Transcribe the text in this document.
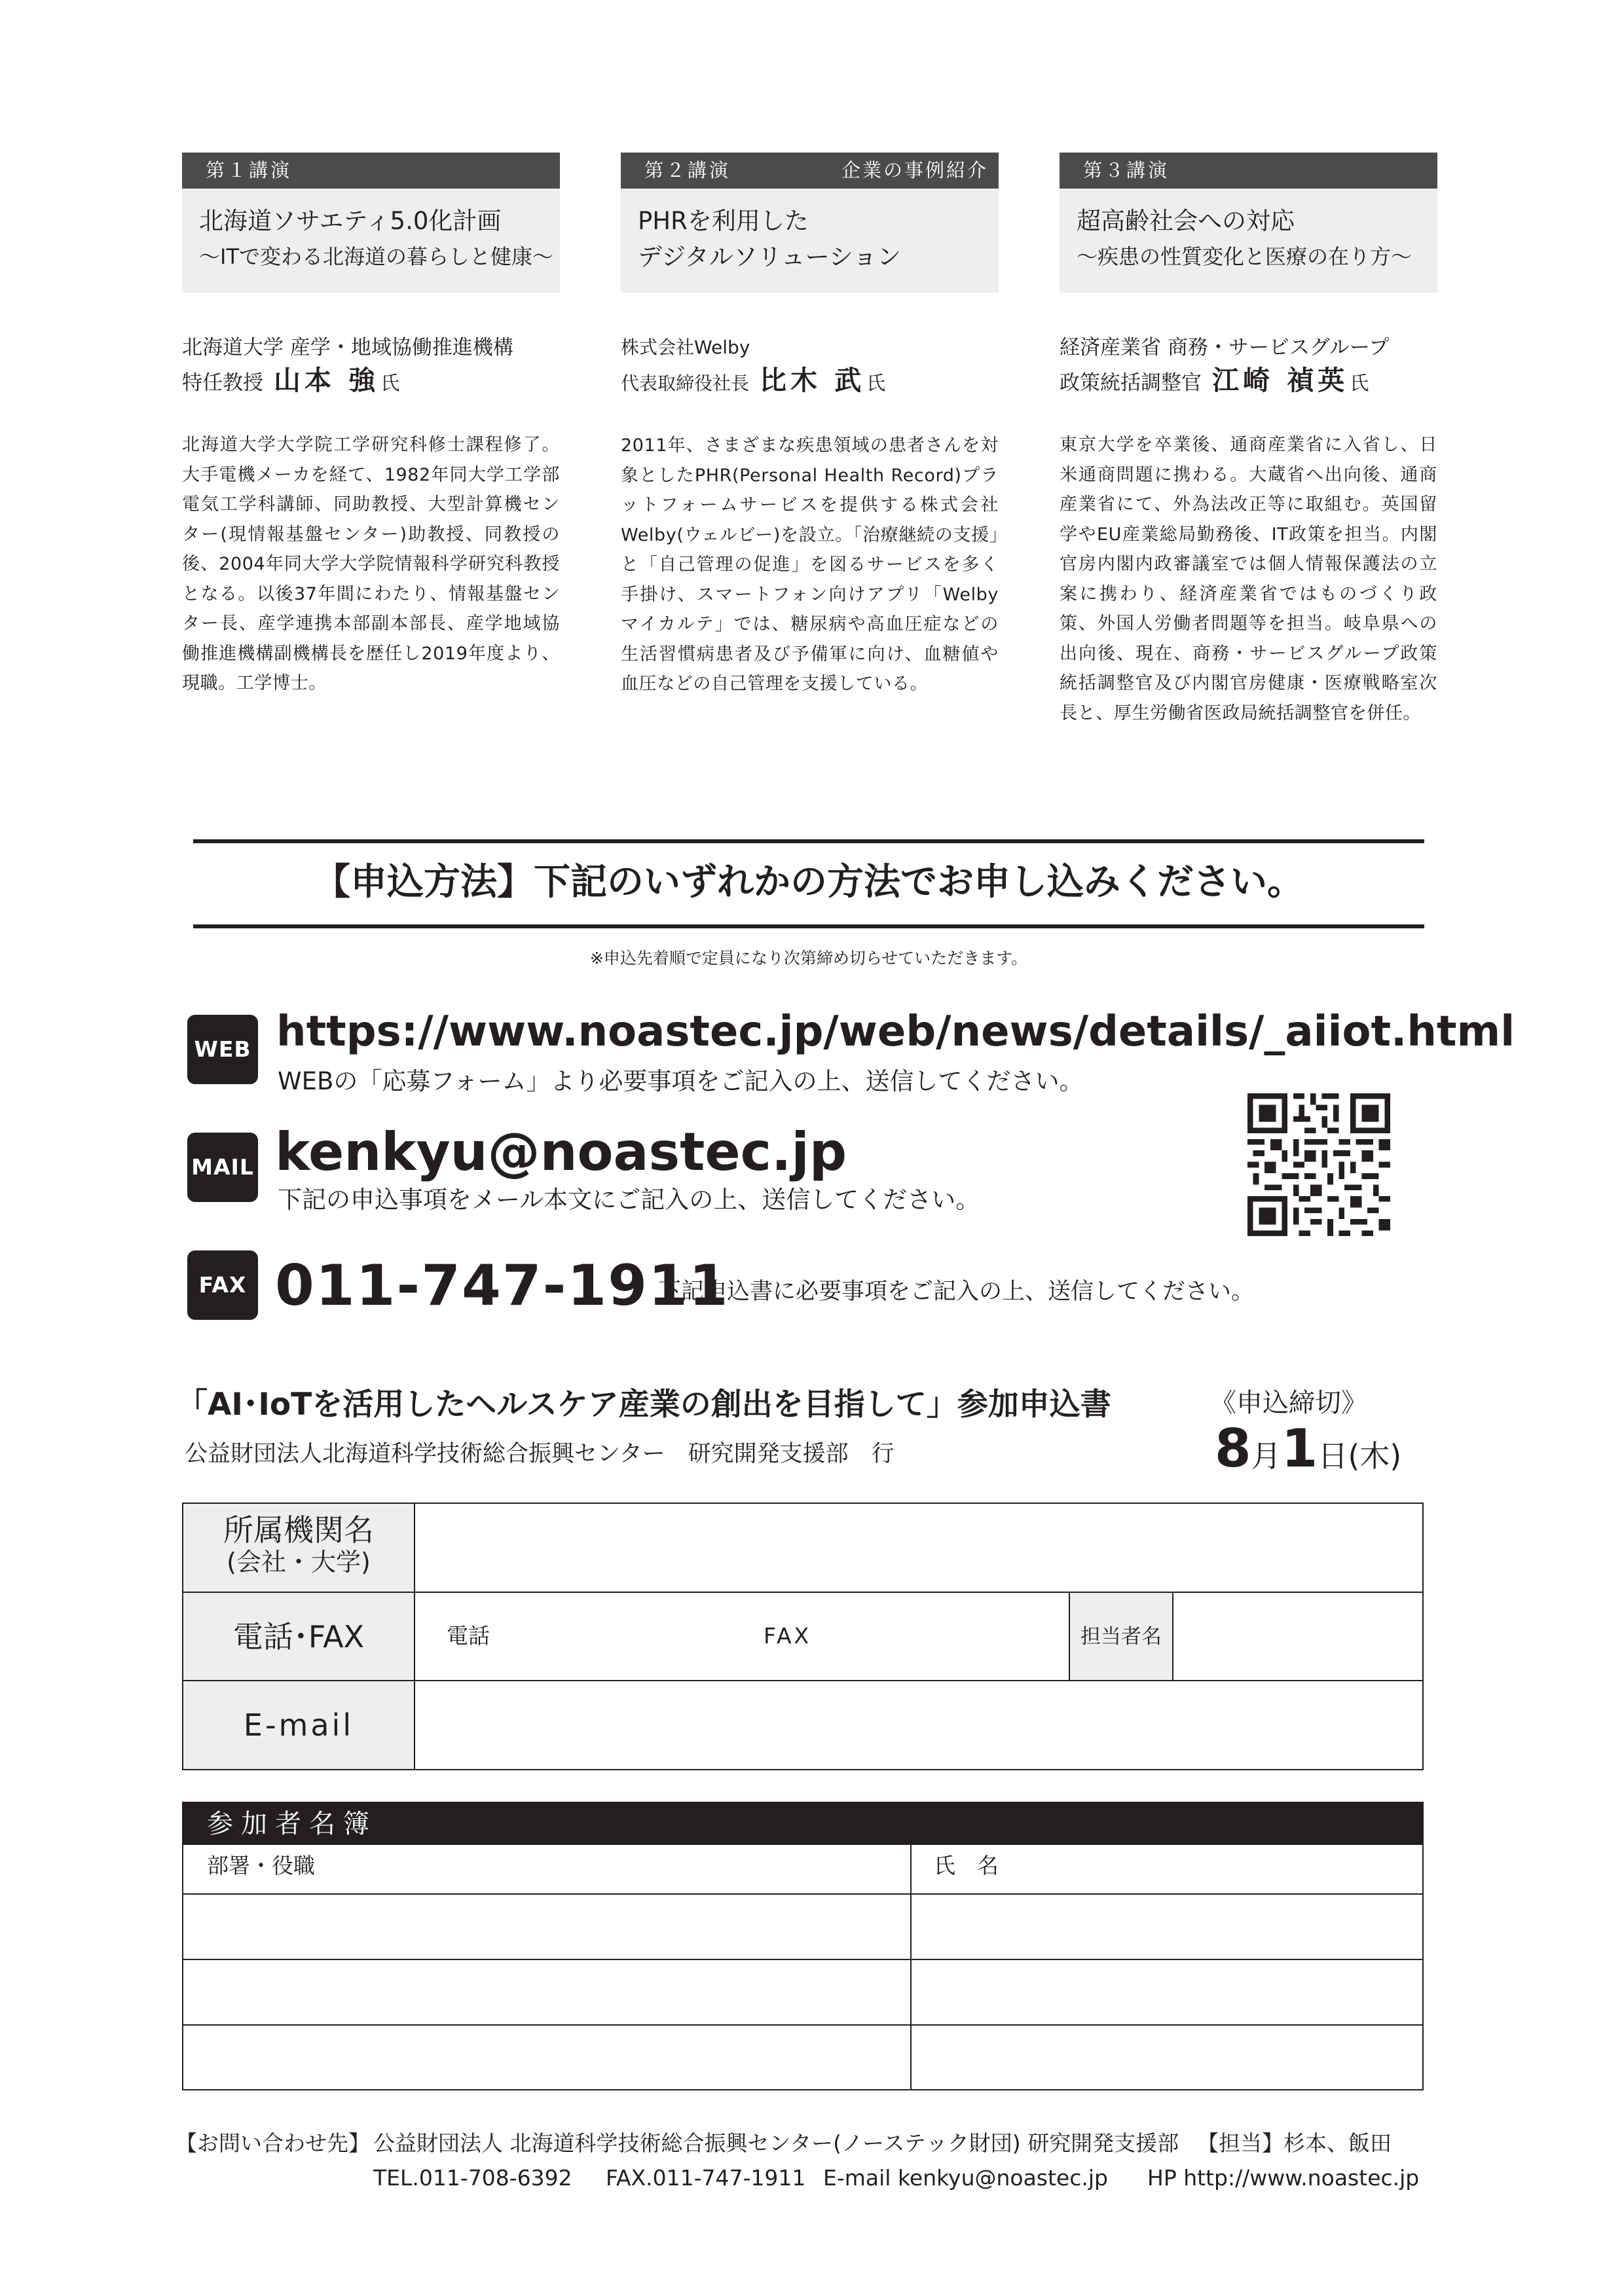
第１講演
北海道ソサエティ5.0化計画
〜ITで変わる北海道の暮らしと健康〜
北海道大学 産学・地域協働推進機構
特任教授 山本 強氏
北海道大学大学院工学研究科修士課程修了。大手電機メーカを経て、1982年同大学工学部電気工学科講師、同助教授、大型計算機センター(現情報基盤センター)助教授、同教授の後、2004年同大学大学院情報科学研究科教授となる。以後37年間にわたり、情報基盤センター長、産学連携本部副本部長、産学地域協働推進機構副機構長を歴任し2019年度より、現職。工学博士。
第２講演	企業の事例紹介
PHRを利用した
デジタルソリューション
株式会社Welby
代表取締役社長 比木 武氏
2011年、さまざまな疾患領域の患者さんを対象としたPHR(Personal Health Record)プラットフォームサービスを提供する株式会社Welby(ウェルビー)を設立。「治療継続の支援」と「自己管理の促進」を図るサービスを多く手掛け、スマートフォン向けアプリ「Welbyマイカルテ」では、糖尿病や高血圧症などの生活習慣病患者及び予備軍に向け、血糖値や血圧などの自己管理を支援している。
第３講演
超高齢社会への対応
〜疾患の性質変化と医療の在り方〜
経済産業省 商務・サービスグループ
政策統括調整官 江崎 禎英氏
東京大学を卒業後、通商産業省に入省し、日米通商問題に携わる。大蔵省へ出向後、通商産業省にて、外為法改正等に取組む。英国留学やEU産業総局勤務後、IT政策を担当。内閣官房内閣内政審議室では個人情報保護法の立案に携わり、経済産業省ではものづくり政策、外国人労働者問題等を担当。岐阜県への出向後、現在、商務・サービスグループ政策統括調整官及び内閣官房健康・医療戦略室次長と、厚生労働省医政局統括調整官を併任。
【申込方法】下記のいずれかの方法でお申し込みください。
※申込先着順で定員になり次第締め切らせていただきます。
WEB https://www.noastec.jp/web/news/details/_aiiot.html
WEBの「応募フォーム」より必要事項をご記入の上、送信してください。
MAIL kenkyu@noastec.jp
下記の申込事項をメール本文にご記入の上、送信してください。
FAX 011-747-1911
下記申込書に必要事項をご記入の上、送信してください。
「AI･IoTを活用したヘルスケア産業の創出を目指して」参加申込書
公益財団法人北海道科学技術総合振興センター　研究開発支援部　行
《申込締切》
8月1日(木)
所属機関名
(会社・大学)
電話･FAX	電話	FAX	担当者名
E-mail
参加者名簿
部署・役職	氏　名
【お問い合わせ先】 公益財団法人 北海道科学技術総合振興センター(ノーステック財団) 研究開発支援部 【担当】杉本、飯田
TEL.011-708-6392 FAX.011-747-1911 E-mail kenkyu@noastec.jp HP http://www.noastec.jp
